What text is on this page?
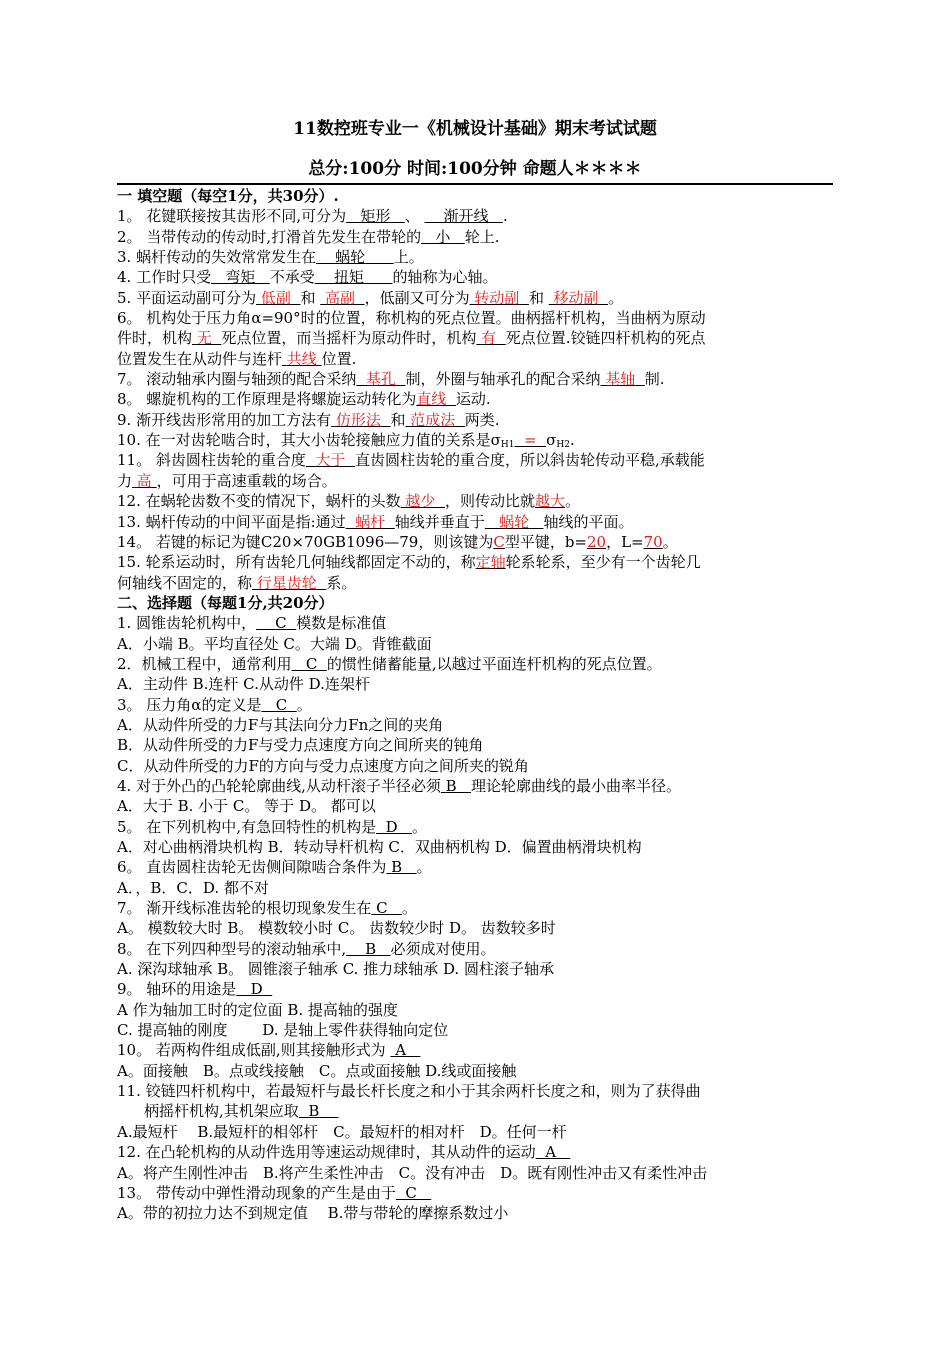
11数控班专业一《机械设计基础》期末考试试题
总分:100分 时间:100分钟 命题人＊＊＊＊
一 填空题（每空1分，共30分）.
1。 花键联接按其齿形不同,可分为 矩形 、 渐开线 .
2。 当带传动的传动时,打滑首先发生在带轮的 小 轮上.
3. 蜗杆传动的失效常常发生在 蜗轮 上。
4. 工作时只受 弯矩 不承受 扭矩 的轴称为心轴。
5. 平面运动副可分为 低副 和 高副 ，低副又可分为 转动副 和 移动副 。
6。 机构处于压力角α=90°时的位置，称机构的死点位置。曲柄摇杆机构，当曲柄为原动
件时，机构 无 死点位置，而当摇杆为原动件时，机构 有 死点位置.铰链四杆机构的死点
位置发生在从动件与连杆 共线 位置.
7。 滚动轴承内圈与轴颈的配合采纳 基孔 制，外圈与轴承孔的配合采纳 基轴 制.
8。 螺旋机构的工作原理是将螺旋运动转化为直线 运动.
9. 渐开线齿形常用的加工方法有 仿形法 和 范成法 两类.
10. 在一对齿轮啮合时，其大小齿轮接触应力值的关系是$\sigma_{H1} = \sigma_{H2}$.
11。 斜齿圆柱齿轮的重合度 大于 直齿圆柱齿轮的重合度，所以斜齿轮传动平稳,承载能
力 高 ，可用于高速重载的场合。
12. 在蜗轮齿数不变的情况下，蜗杆的头数 越少 ，则传动比就越大。
13. 蜗杆传动的中间平面是指:通过 蜗杆 轴线并垂直于 蜗轮 轴线的平面。
14。 若键的标记为键C20×70GB1096—79，则该键为C型平键，b=20，L=70。
15. 轮系运动时，所有齿轮几何轴线都固定不动的，称定轴轮系轮系，至少有一个齿轮几
何轴线不固定的，称 行星齿轮 系。
二、选择题（每题1分,共20分）
1. 圆锥齿轮机构中， C 模数是标准值
A．小端 B。平均直径处 C。大端 D。背锥截面
2．机械工程中，通常利用 C 的惯性储蓄能量,以越过平面连杆机构的死点位置。
A．主动件 B.连杆 C.从动件 D.连架杆
3。 压力角α的定义是 C 。
A．从动件所受的力F与其法向分力Fn之间的夹角
B．从动件所受的力F与受力点速度方向之间所夹的钝角
C．从动件所受的力F的方向与受力点速度方向之间所夹的锐角
4. 对于外凸的凸轮轮廓曲线,从动杆滚子半径必须 B 理论轮廓曲线的最小曲率半径。
A．大于 B. 小于 C。 等于 D。 都可以
5。 在下列机构中,有急回特性的机构是 D 。
A．对心曲柄滑块机构 B．转动导杆机构 C．双曲柄机构 D．偏置曲柄滑块机构
6。 直齿圆柱齿轮无齿侧间隙啮合条件为 B 。
A．，B．C．D. 都不对
7。 渐开线标准齿轮的根切现象发生在 C 。
A。 模数较大时 B。 模数较小时 C。 齿数较少时 D。 齿数较多时
8。 在下列四种型号的滚动轴承中, B 必须成对使用。
A. 深沟球轴承 B。 圆锥滚子轴承 C. 推力球轴承 D. 圆柱滚子轴承
9。 轴环的用途是 D
A 作为轴加工时的定位面 B. 提高轴的强度
C. 提高轴的刚度 　　D. 是轴上零件获得轴向定位
10。 若两构件组成低副,则其接触形式为 A
A。面接触　B。点或线接触　C。点或面接触 D.线或面接触
11. 铰链四杆机构中，若最短杆与最长杆长度之和小于其余两杆长度之和，则为了获得曲
柄摇杆机构,其机架应取 B
A.最短杆　 B.最短杆的相邻杆　C。最短杆的相对杆　D。任何一杆
12. 在凸轮机构的从动件选用等速运动规律时，其从动件的运动 A
A。将产生刚性冲击　B.将产生柔性冲击　C。没有冲击　D。既有刚性冲击又有柔性冲击
13。 带传动中弹性滑动现象的产生是由于 C
A。带的初拉力达不到规定值　 B.带与带轮的摩擦系数过小
